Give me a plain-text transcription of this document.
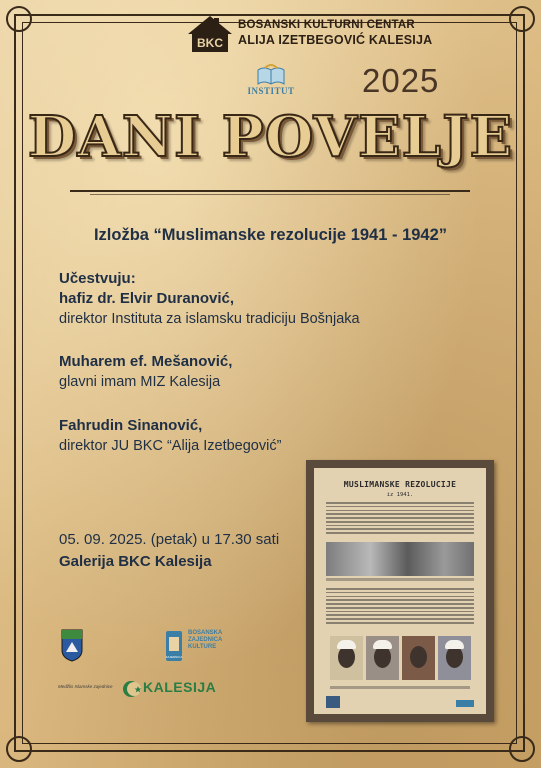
BKC
BOSANSKI KULTURNI CENTAR
ALIJA IZETBEGOVIĆ KALESIJA
INSTITUT	2025
DANI POVELJE
Izložba “Muslimanske rezolucije 1941 - 1942”
Učestvuju:
hafiz dr. Elvir Duranović,
direktor Instituta za islamsku tradiciju Bošnjaka
Muharem ef. Mešanović,
glavni imam MIZ Kalesija
Fahrudin Sinanović,
direktor JU BKC “Alija Izetbegović”
05. 09. 2025. (petak) u 17.30 sati
Galerija BKC Kalesija
MUSLIMANSKE REZOLUCIJE
iz 1941.
ZAJEDNICA
BOSANSKA
ZAJEDNICA
KULTURE
Medžlis Islamske zajednice KALESIJA
